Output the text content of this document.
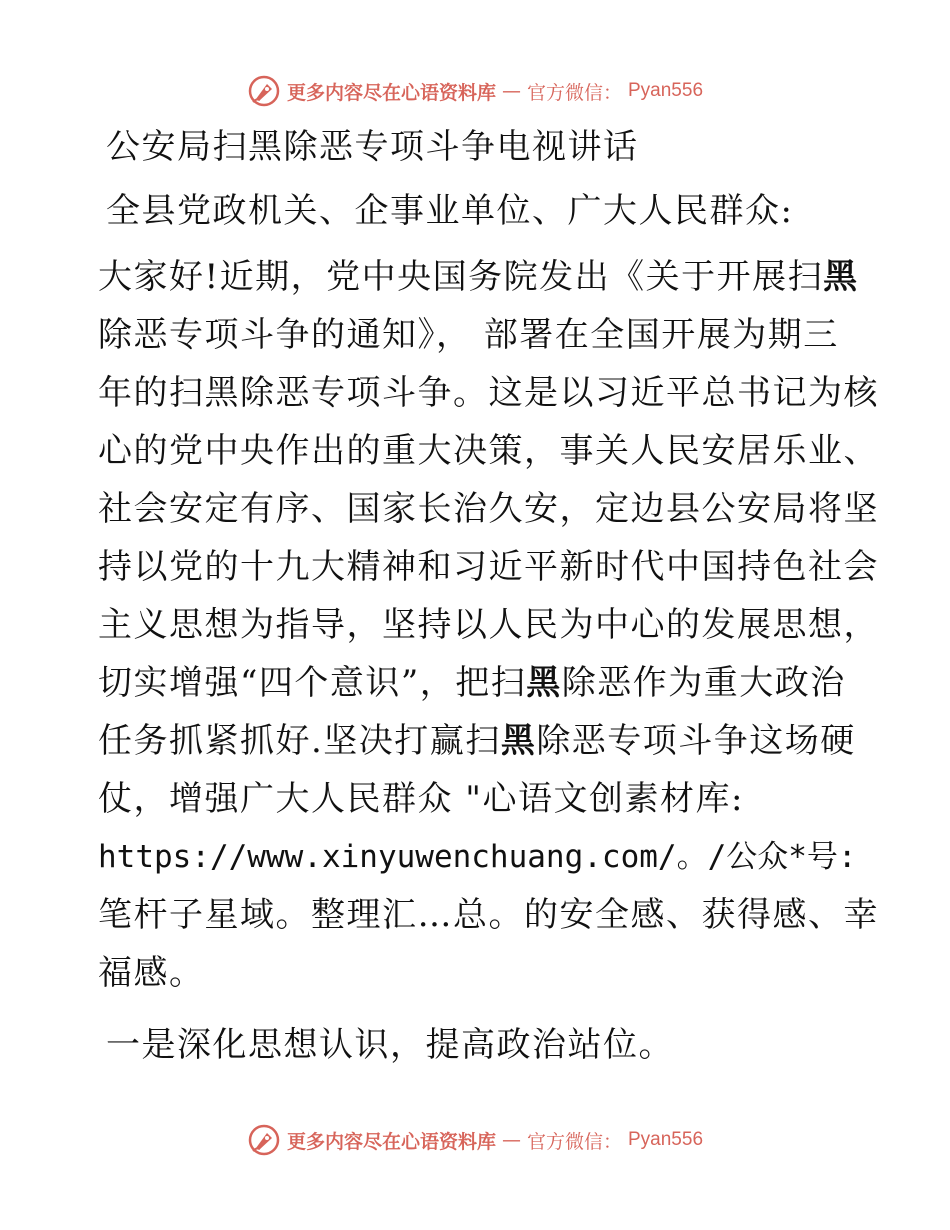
更多内容尽在心语资料库 — 官方微信： Pyan556
公安局扫黑除恶专项斗争电视讲话
全县党政机关、企事业单位、广大人民群众:
大家好!近期，党中央国务院发出《关于开展扫黑
除恶专项斗争的通知》， 部署在全国开展为期三
年的扫黑除恶专项斗争。这是以习近平总书记为核
心的党中央作出的重大决策，事关人民安居乐业、
社会安定有序、国家长治久安，定边县公安局将坚
持以党的十九大精神和习近平新时代中国持色社会
主义思想为指导，坚持以人民为中心的发展思想，
切实增强“四个意识”，把扫黑除恶作为重大政治
任务抓紧抓好.坚决打赢扫黑除恶专项斗争这场硬
仗，增强广大人民群众 "心语文创素材库:
https://www.xinyuwenchuang.com/。/公众*号:
笔杆子星域。整理汇…总。的安全感、获得感、幸
福感。
一是深化思想认识，提高政治站位。
更多内容尽在心语资料库 — 官方微信： Pyan556
